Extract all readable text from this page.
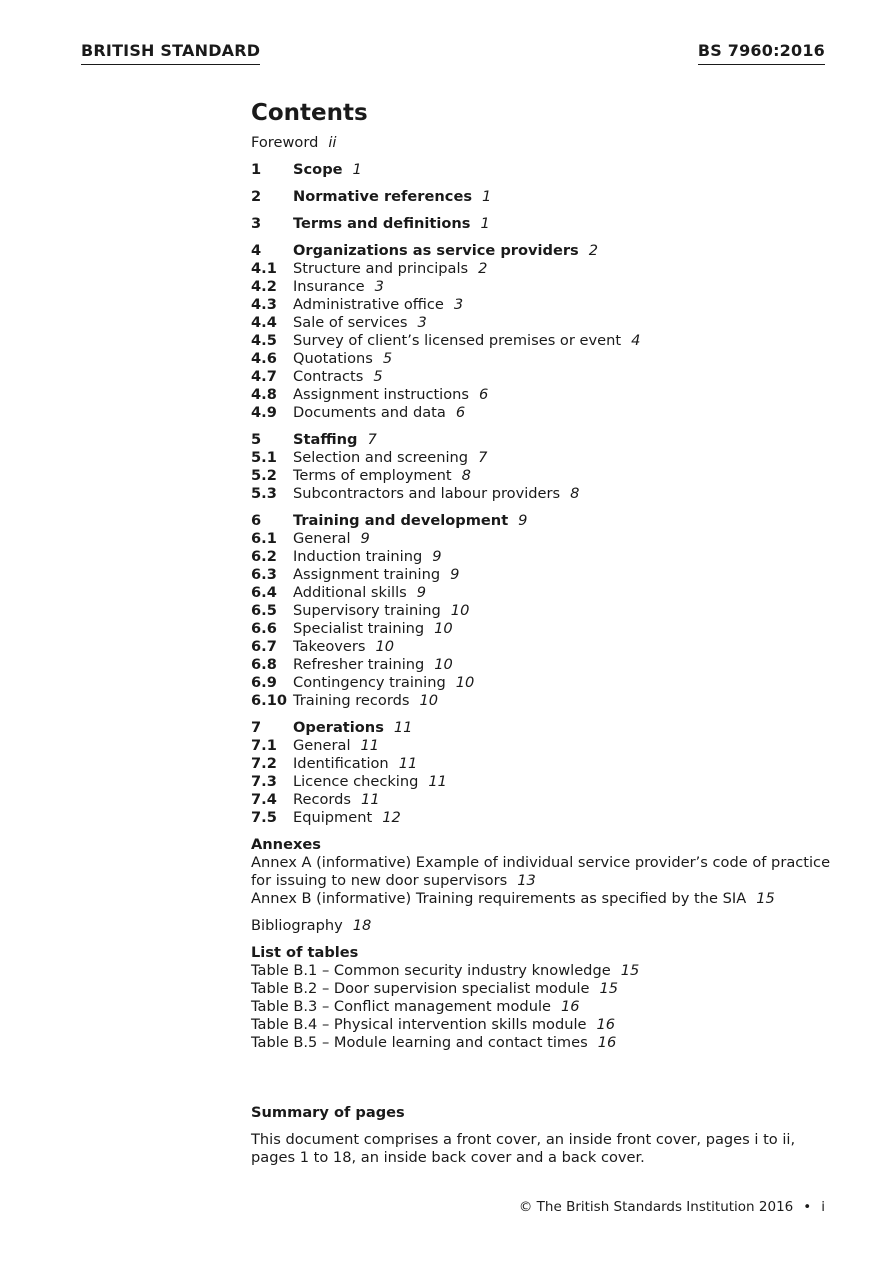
BRITISH STANDARD	BS 7960:2016
Contents
Foreword ii
1	Scope 1
2	Normative references 1
3	Terms and definitions 1
4	Organizations as service providers 2
4.1	Structure and principals 2
4.2	Insurance 3
4.3	Administrative office 3
4.4	Sale of services 3
4.5	Survey of client’s licensed premises or event 4
4.6	Quotations 5
4.7	Contracts 5
4.8	Assignment instructions 6
4.9	Documents and data 6
5	Staffing 7
5.1	Selection and screening 7
5.2	Terms of employment 8
5.3	Subcontractors and labour providers 8
6	Training and development 9
6.1	General 9
6.2	Induction training 9
6.3	Assignment training 9
6.4	Additional skills 9
6.5	Supervisory training 10
6.6	Specialist training 10
6.7	Takeovers 10
6.8	Refresher training 10
6.9	Contingency training 10
6.10 Training records 10
7	Operations 11
7.1	General 11
7.2	Identification 11
7.3	Licence checking 11
7.4	Records 11
7.5	Equipment 12
Annexes
Annex A (informative) Example of individual service provider’s code of practice
for issuing to new door supervisors 13
Annex B (informative) Training requirements as specified by the SIA 15
Bibliography 18
List of tables
Table B.1 – Common security industry knowledge 15
Table B.2 – Door supervision specialist module 15
Table B.3 – Conflict management module 16
Table B.4 – Physical intervention skills module 16
Table B.5 – Module learning and contact times 16
Summary of pages
This document comprises a front cover, an inside front cover, pages i to ii,
pages 1 to 18, an inside back cover and a back cover.
© The British Standards Institution 2016 • i
